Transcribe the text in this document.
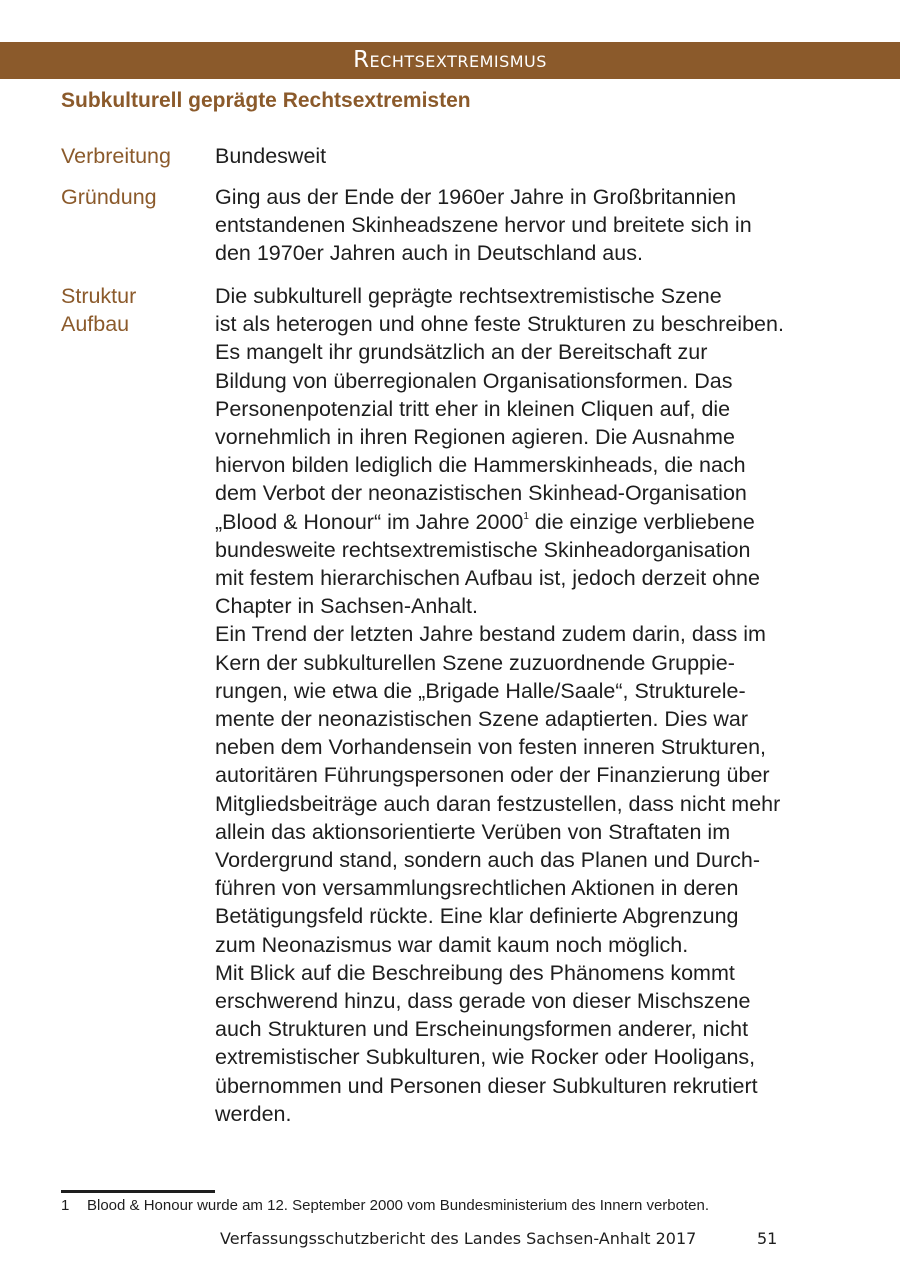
Rechtsextremismus
Subkulturell geprägte Rechtsextremisten
Verbreitung Bundesweit
Gründung	Ging aus der Ende der 1960er Jahre in Großbritannien
entstandenen Skinheadszene hervor und breitete sich in
den 1970er Jahren auch in Deutschland aus.
Struktur
Aufbau
Die subkulturell geprägte rechtsextremistische Szene
ist als heterogen und ohne feste Strukturen zu beschreiben.
Es mangelt ihr grundsätzlich an der Bereitschaft zur
Bildung von überregionalen Organisationsformen. Das
Personenpotenzial tritt eher in kleinen Cliquen auf, die
vornehmlich in ihren Regionen agieren. Die Ausnahme
hiervon bilden lediglich die Hammerskinheads, die nach
dem Verbot der neonazistischen Skinhead-Organisation
„Blood & Honour“ im Jahre 2000$^1$ die einzige verbliebene
bundesweite rechtsextremistische Skinheadorganisation
mit festem hierarchischen Aufbau ist, jedoch derzeit ohne
Chapter in Sachsen-Anhalt.
Ein Trend der letzten Jahre bestand zudem darin, dass im
Kern der subkulturellen Szene zuzuordnende Gruppie-
rungen, wie etwa die „Brigade Halle/Saale“, Strukturele-
mente der neonazistischen Szene adaptierten. Dies war
neben dem Vorhandensein von festen inneren Strukturen,
autoritären Führungspersonen oder der Finanzierung über
Mitgliedsbeiträge auch daran festzustellen, dass nicht mehr
allein das aktionsorientierte Verüben von Straftaten im
Vordergrund stand, sondern auch das Planen und Durch-
führen von versammlungsrechtlichen Aktionen in deren
Betätigungsfeld rückte. Eine klar definierte Abgrenzung
zum Neonazismus war damit kaum noch möglich.
Mit Blick auf die Beschreibung des Phänomens kommt
erschwerend hinzu, dass gerade von dieser Mischszene
auch Strukturen und Erscheinungsformen anderer, nicht
extremistischer Subkulturen, wie Rocker oder Hooligans,
übernommen und Personen dieser Subkulturen rekrutiert
werden.
1 Blood & Honour wurde am 12. September 2000 vom Bundesministerium des Innern verboten.
Verfassungsschutzbericht des Landes Sachsen-Anhalt 2017	51
